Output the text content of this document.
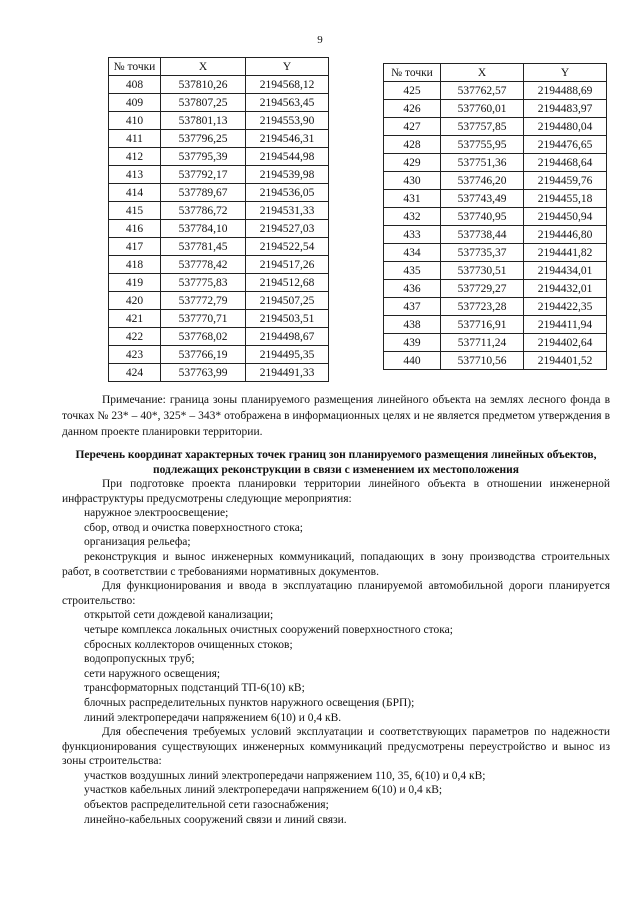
9
№ точки	X	Y
408	537810,26	2194568,12
409	537807,25	2194563,45
410	537801,13	2194553,90
411	537796,25	2194546,31
412	537795,39	2194544,98
413	537792,17	2194539,98
414	537789,67	2194536,05
415	537786,72	2194531,33
416	537784,10	2194527,03
417	537781,45	2194522,54
418	537778,42	2194517,26
419	537775,83	2194512,68
420	537772,79	2194507,25
421	537770,71	2194503,51
422	537768,02	2194498,67
423	537766,19	2194495,35
424	537763,99	2194491,33
№ точки	X	Y
425	537762,57	2194488,69
426	537760,01	2194483,97
427	537757,85	2194480,04
428	537755,95	2194476,65
429	537751,36	2194468,64
430	537746,20	2194459,76
431	537743,49	2194455,18
432	537740,95	2194450,94
433	537738,44	2194446,80
434	537735,37	2194441,82
435	537730,51	2194434,01
436	537729,27	2194432,01
437	537723,28	2194422,35
438	537716,91	2194411,94
439	537711,24	2194402,64
440	537710,56	2194401,52
Примечание: граница зоны планируемого размещения линейного объекта на землях лесного фонда в точках № 23* – 40*, 325* – 343* отображена в информационных целях и не является предметом утверждения в данном проекте планировки территории.
Перечень координат характерных точек границ зон планируемого размещения линейных объектов, подлежащих реконструкции в связи с изменением их местоположения

При подготовке проекта планировки территории линейного объекта в отношении инженерной инфраструктуры предусмотрены следующие мероприятия:

наружное электроосвещение;

сбор, отвод и очистка поверхностного стока;

организация рельефа;

реконструкция и вынос инженерных коммуникаций, попадающих в зону производства строительных работ, в соответствии с требованиями нормативных документов.

Для функционирования и ввода в эксплуатацию планируемой автомобильной дороги планируется строительство:

открытой сети дождевой канализации;

четыре комплекса локальных очистных сооружений поверхностного стока;

сбросных коллекторов очищенных стоков;

водопропускных труб;

сети наружного освещения;

трансформаторных подстанций ТП-6(10) кВ;

блочных распределительных пунктов наружного освещения (БРП);

линий электропередачи напряжением 6(10) и 0,4 кВ.

Для обеспечения требуемых условий эксплуатации и соответствующих параметров по надежности функционирования существующих инженерных коммуникаций предусмотрены переустройство и вынос из зоны строительства:

участков воздушных линий электропередачи напряжением 110, 35, 6(10) и 0,4 кВ;

участков кабельных линий электропередачи напряжением 6(10) и 0,4 кВ;

объектов распределительной сети газоснабжения;

линейно-кабельных сооружений связи и линий связи.
